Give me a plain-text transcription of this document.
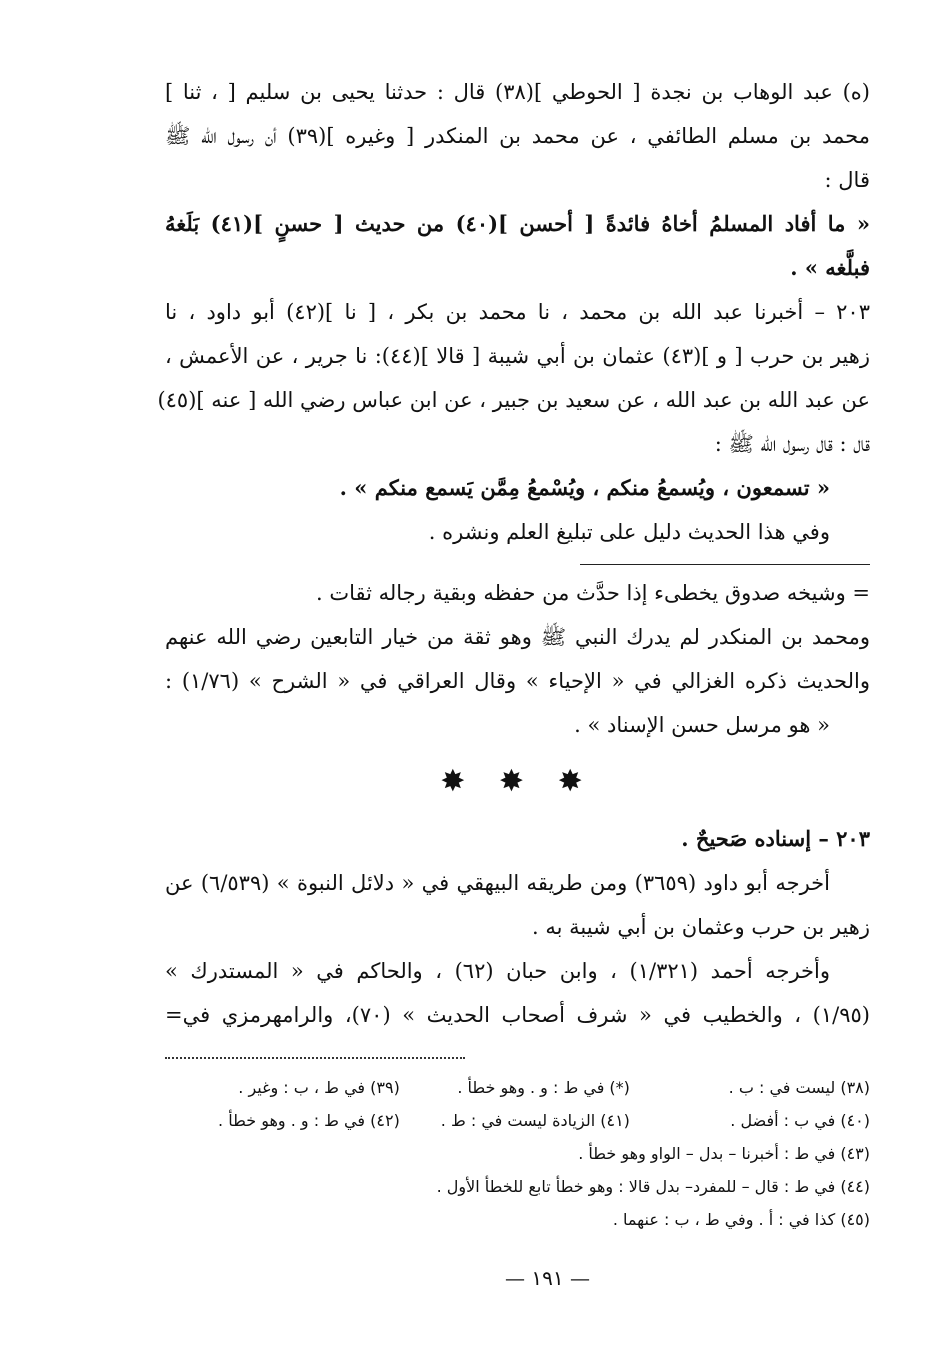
(ﻩ) عبد الوهاب بن نجدة [ الحوطي ](٣٨) قال : حدثنا يحيى بن سليم [ ، ثنا ]
محمد بن مسلم الطائفي ، عن محمد بن المنكدر [ وغيره ](٣٩) أن رسول الله ﷺ
قال :
« ما أفاد المسلمُ أخاهُ فائدةً [ أحسن ](٤٠) من حديث [ حسنٍ ](٤١) بَلَغهُ
فبلَّغه » .
٢٠٣ – أخبرنا عبد الله بن محمد ، نا محمد بن بكر ، [ نا ](٤٢) أبو داود ، نا
زهير بن حرب [ و ](٤٣) عثمان بن أبي شيبة [ قالا ](٤٤): نا جرير ، عن الأعمش ،
عن عبد الله بن عبد الله ، عن سعيد بن جبير ، عن ابن عباس رضي الله [ عنه ](٤٥)
قال : قال رسول الله ﷺ :
« تسمعون ، ويُسمعُ منكم ، ويُسْمعُ مِمَّن يَسمع منكم » .
وفي هذا الحديث دليل على تبليغ العلم ونشره .
= وشيخه صدوق يخطىء إذا حدَّث من حفظه وبقية رجاله ثقات .
ومحمد بن المنكدر لم يدرك النبي ﷺ وهو ثقة من خيار التابعين رضي الله عنهم
والحديث ذكره الغزالي في « الإحياء » وقال العراقي في « الشرح » (١/٧٦) :
« هو مرسل حسن الإسناد » .
✸ ✸ ✸
٢٠٣ – إسناده صَحيحٌ .
أخرجه أبو داود (٣٦٥٩) ومن طريقه البيهقي في « دلائل النبوة » (٦/٥٣٩) عن
زهير بن حرب وعثمان بن أبي شيبة به .
وأخرجه أحمد (١/٣٢١) ، وابن حبان (٦٢) ، والحاكم في « المستدرك »
(١/٩٥) ، والخطيب في « شرف أصحاب الحديث » (٧٠)، والرامهرمزي في=
(٣٨) ليست في : ب . (*) في ط : و . وهو خطأ . (٣٩) في ط ، ب : وغير .
(٤٠) في ب : أفضل . (٤١) الزيادة ليست في : ط . (٤٢) في ط : و . وهو خطأ .
(٤٣) في ط : أخبرنا – بدل – الواو وهو خطأ .
(٤٤) في ط : قال – للمفرد– بدل قالا : وهو خطأ تابع للخطأ الأول .
(٤٥) كذا في : أ . وفي ط ، ب : عنهما .
— ١٩١ —
